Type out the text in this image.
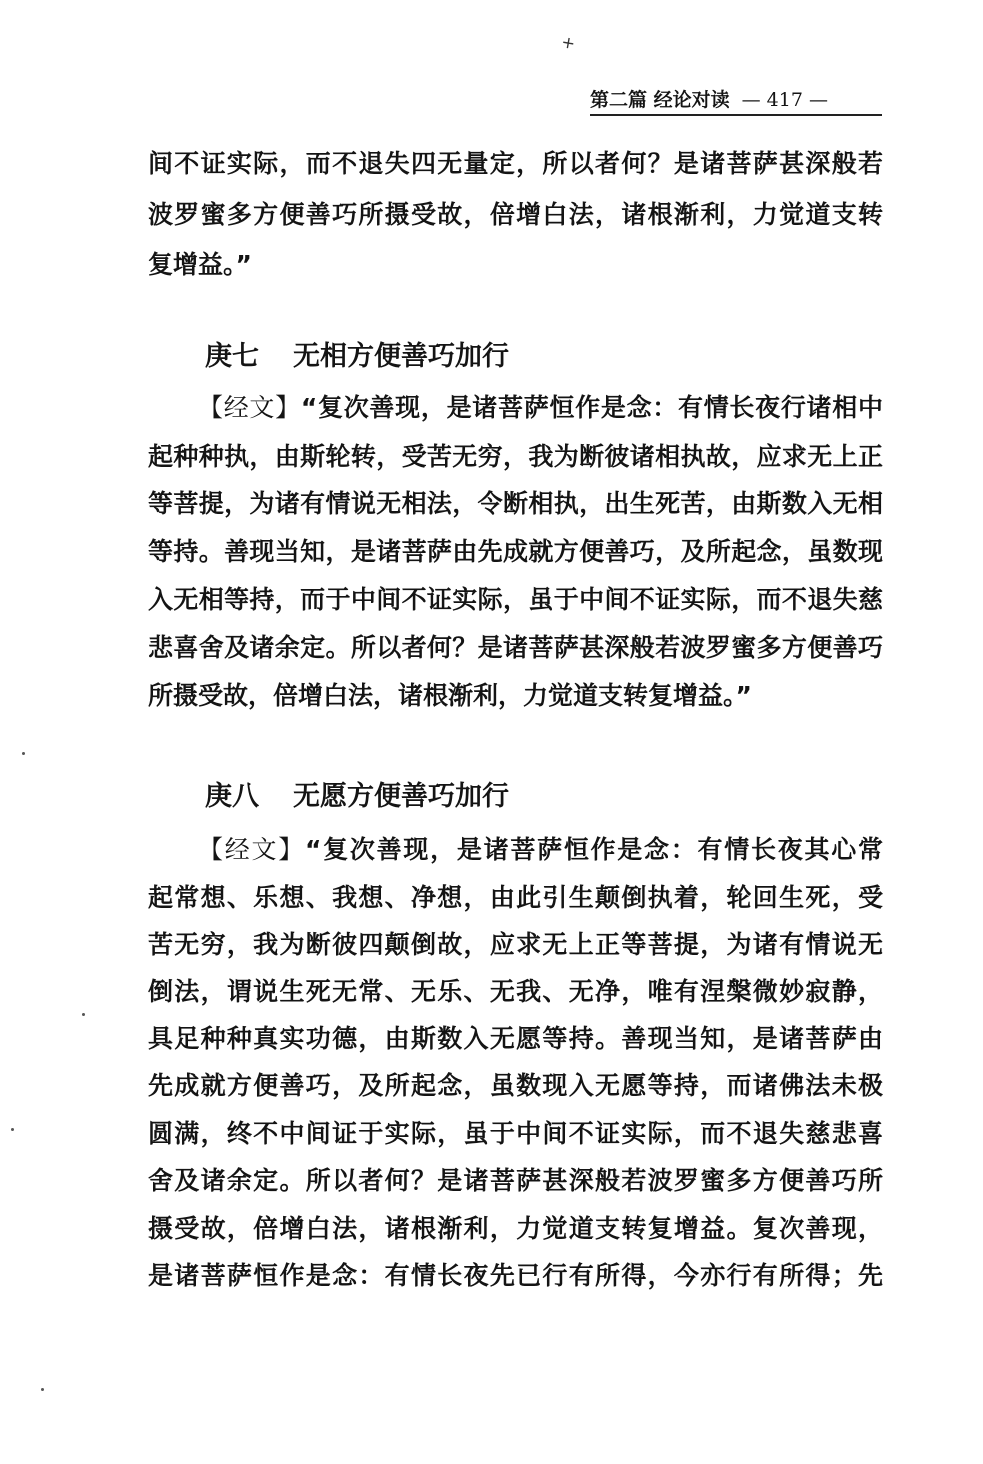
✕
第二篇 经论对读 — 417 —
间不证实际，而不退失四无量定，所以者何？是诸菩萨甚深般若
波罗蜜多方便善巧所摄受故，倍增白法，诸根渐利，力觉道支转
复增益。”
庚七 无相方便善巧加行
【经文】“复次善现，是诸菩萨恒作是念：有情长夜行诸相中
起种种执，由斯轮转，受苦无穷，我为断彼诸相执故，应求无上正
等菩提，为诸有情说无相法，令断相执，出生死苦，由斯数入无相
等持。善现当知，是诸菩萨由先成就方便善巧，及所起念，虽数现
入无相等持，而于中间不证实际，虽于中间不证实际，而不退失慈
悲喜舍及诸余定。所以者何？是诸菩萨甚深般若波罗蜜多方便善巧
所摄受故，倍增白法，诸根渐利，力觉道支转复增益。”
庚八 无愿方便善巧加行
【经文】“复次善现，是诸菩萨恒作是念：有情长夜其心常
起常想、乐想、我想、净想，由此引生颠倒执着，轮回生死，受
苦无穷，我为断彼四颠倒故，应求无上正等菩提，为诸有情说无
倒法，谓说生死无常、无乐、无我、无净，唯有涅槃微妙寂静，
具足种种真实功德，由斯数入无愿等持。善现当知，是诸菩萨由
先成就方便善巧，及所起念，虽数现入无愿等持，而诸佛法未极
圆满，终不中间证于实际，虽于中间不证实际，而不退失慈悲喜
舍及诸余定。所以者何？是诸菩萨甚深般若波罗蜜多方便善巧所
摄受故，倍增白法，诸根渐利，力觉道支转复增益。复次善现，
是诸菩萨恒作是念：有情长夜先已行有所得，今亦行有所得；先
